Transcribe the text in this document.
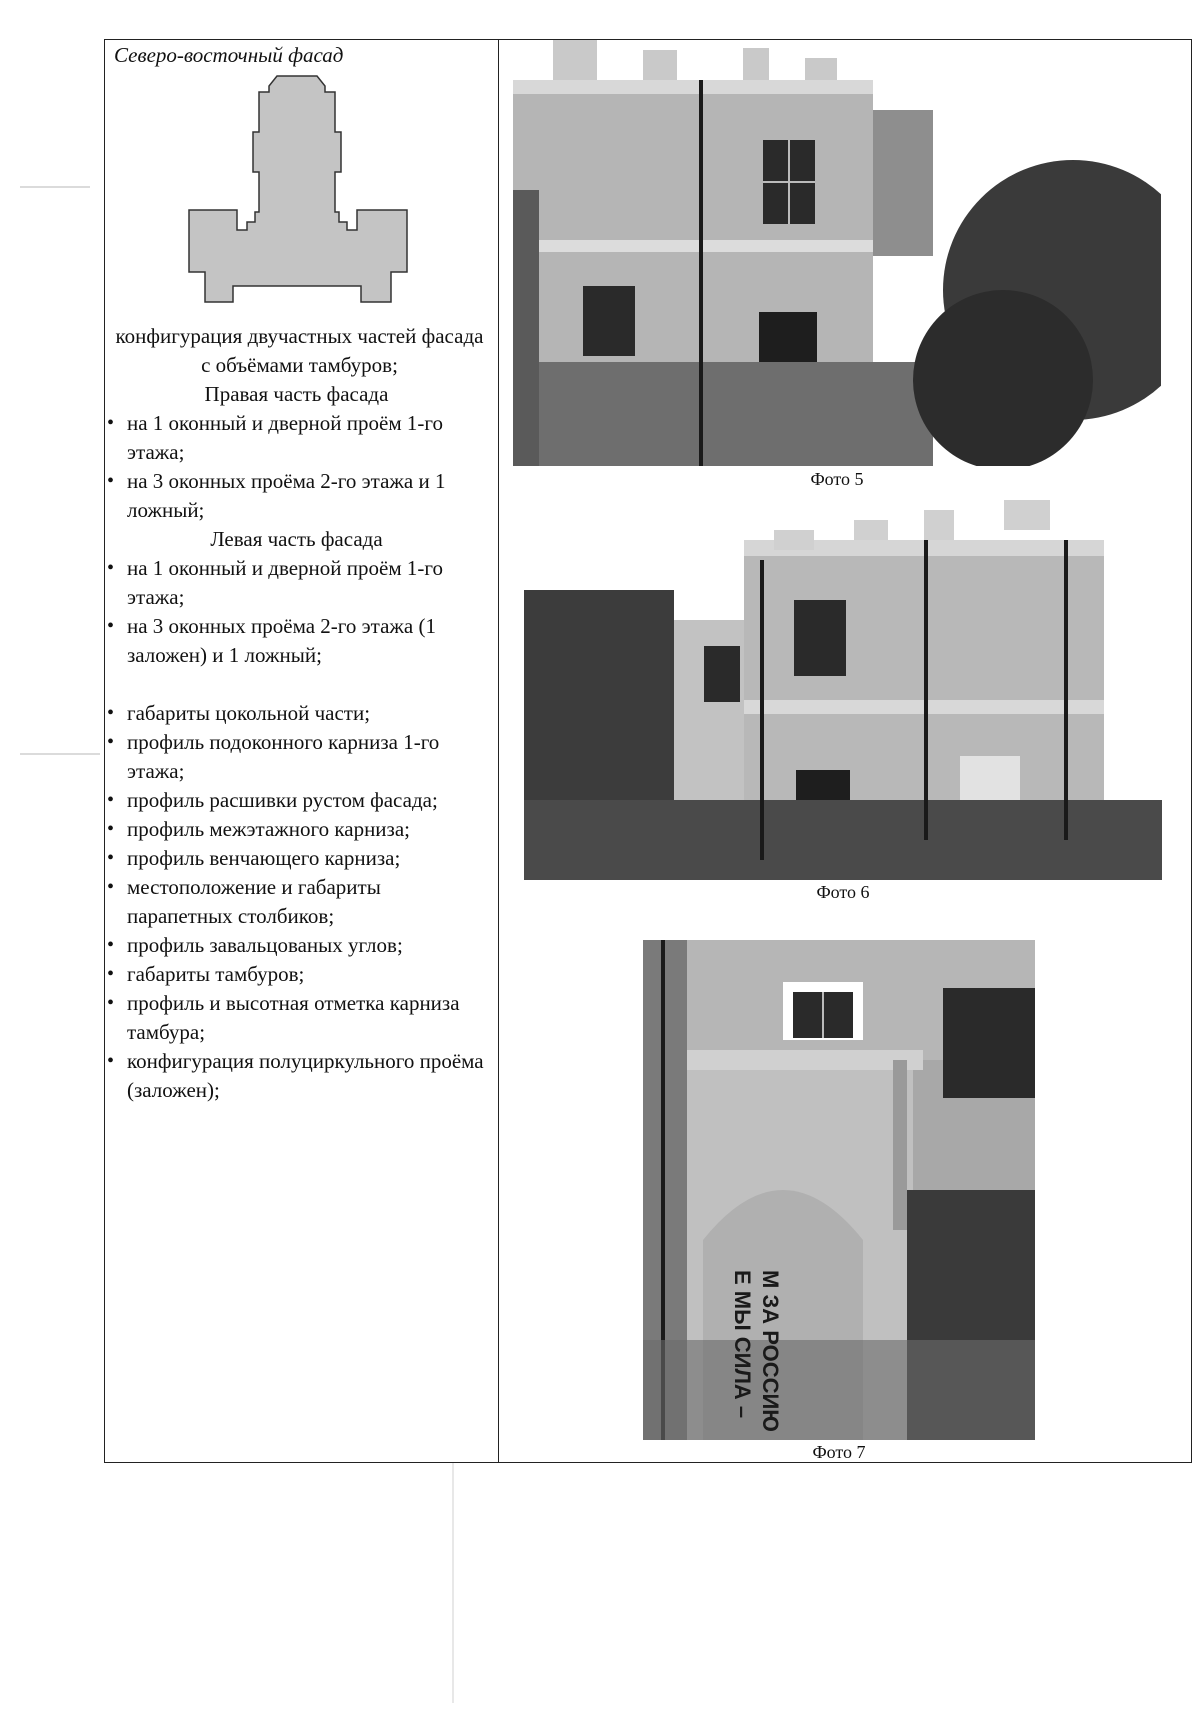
Северо-восточный фасад

конфигурация двучастных частей фасада с объёмами тамбуров;

Правая часть фасада

• на 1 оконный и дверной проём 1-го этажа;
• на 3 оконных проёма 2-го этажа и 1 ложный;

Левая часть фасада

• на 1 оконный и дверной проём 1-го этажа;
• на 3 оконных проёма 2-го этажа (1 заложен) и 1 ложный;
• габариты цокольной части;
• профиль подоконного карниза 1-го этажа;
• профиль расшивки рустом фасада;
• профиль межэтажного карниза;
• профиль венчающего карниза;
• местоположение и габариты парапетных столбиков;
• профиль завальцованых углов;
• габариты тамбуров;
• профиль и высотная отметка карниза тамбура;
• конфигурация полуциркульного проёма (заложен);
Фото 5
Фото 6
Е МЫ СИЛА – М ЗА РОССИЮ
Фото 7
